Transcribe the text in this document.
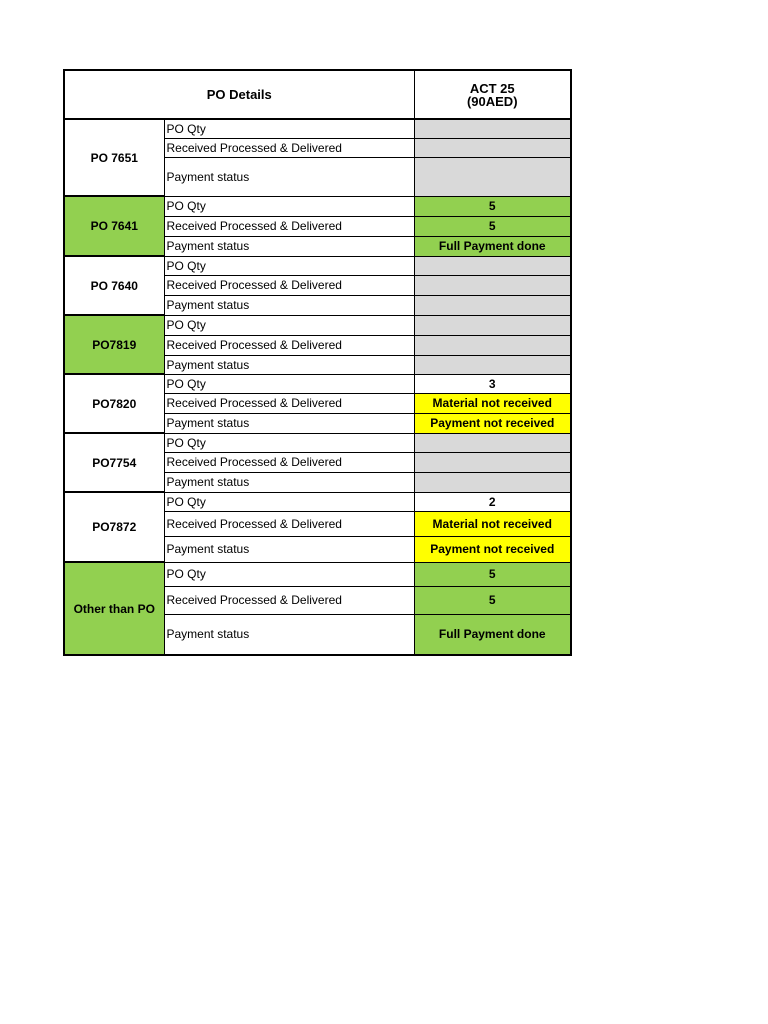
PO Details		ACT 25
(90AED)

PO 7651	PO Qty	
	Received Processed & Delivered	
	Payment status	
PO 7641	PO Qty	5
	Received Processed & Delivered	5
	Payment status	Full Payment done
PO 7640	PO Qty	
	Received Processed & Delivered	
	Payment status	
PO7819	PO Qty	
	Received Processed & Delivered	
	Payment status	
PO7820	PO Qty	3
	Received Processed & Delivered	Material not received
	Payment status	Payment not received
PO7754	PO Qty	
	Received Processed & Delivered	
	Payment status	
PO7872	PO Qty	2
	Received Processed & Delivered	Material not received
	Payment status	Payment not received
Other than PO	PO Qty	5
	Received Processed & Delivered	5
	Payment status	Full Payment done
